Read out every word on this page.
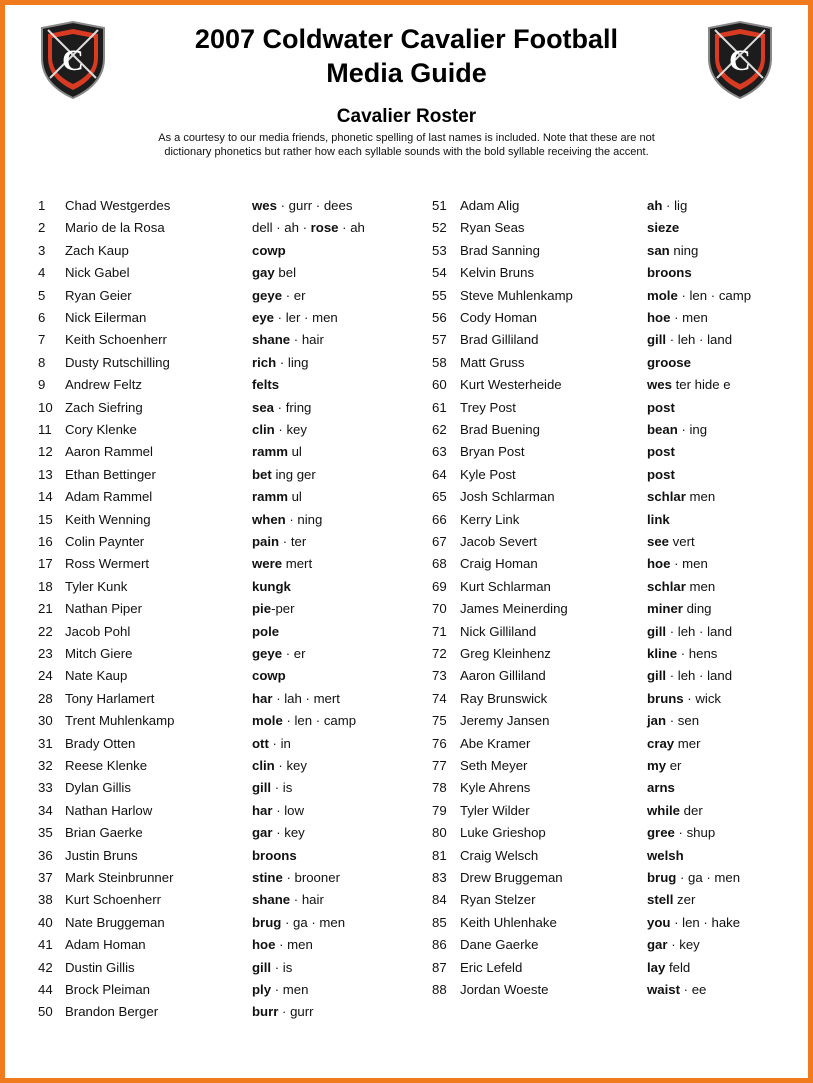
C	C
2007 Coldwater Cavalier Football
Media Guide
Cavalier Roster
As a courtesy to our media friends, phonetic spelling of last names is included. Note that these are not
dictionary phonetics but rather how each syllable sounds with the bold syllable receiving the accent.
1 Chad Westgerdes	wes · gurr · dees
2 Mario de la Rosa	dell · ah · rose · ah
3 Zach Kaup	cowp
4 Nick Gabel	gay bel
5 Ryan Geier	geye · er
6 Nick Eilerman	eye · ler · men
7 Keith Schoenherr	shane · hair
8 Dusty Rutschilling	rich · ling
9 Andrew Feltz	felts
10 Zach Siefring	sea · fring
11 Cory Klenke	clin · key
12 Aaron Rammel	ramm ul
13 Ethan Bettinger	bet ing ger
14 Adam Rammel	ramm ul
15 Keith Wenning	when · ning
16 Colin Paynter	pain · ter
17 Ross Wermert	were mert
18 Tyler Kunk	kungk
21 Nathan Piper	pie-per
22 Jacob Pohl	pole
23 Mitch Giere	geye · er
24 Nate Kaup	cowp
28 Tony Harlamert	har · lah · mert
30 Trent Muhlenkamp	mole · len · camp
31 Brady Otten	ott · in
32 Reese Klenke	clin · key
33 Dylan Gillis	gill · is
34 Nathan Harlow	har · low
35 Brian Gaerke	gar · key
36 Justin Bruns	broons
37 Mark Steinbrunner	stine · brooner
38 Kurt Schoenherr	shane · hair
40 Nate Bruggeman	brug · ga · men
41 Adam Homan	hoe · men
42 Dustin Gillis	gill · is
44 Brock Pleiman	ply · men
50 Brandon Berger	burr · gurr
51 Adam Alig	ah · lig
52 Ryan Seas	sieze
53 Brad Sanning	san ning
54 Kelvin Bruns	broons
55 Steve Muhlenkamp	mole · len · camp
56 Cody Homan	hoe · men
57 Brad Gilliland	gill · leh · land
58 Matt Gruss	groose
60 Kurt Westerheide	wes ter hide e
61 Trey Post	post
62 Brad Buening	bean · ing
63 Bryan Post	post
64 Kyle Post	post
65 Josh Schlarman	schlar men
66 Kerry Link	link
67 Jacob Severt	see vert
68 Craig Homan	hoe · men
69 Kurt Schlarman	schlar men
70 James Meinerding	miner ding
71 Nick Gilliland	gill · leh · land
72 Greg Kleinhenz	kline · hens
73 Aaron Gilliland	gill · leh · land
74 Ray Brunswick	bruns · wick
75 Jeremy Jansen	jan · sen
76 Abe Kramer	cray mer
77 Seth Meyer	my er
78 Kyle Ahrens	arns
79 Tyler Wilder	while der
80 Luke Grieshop	gree · shup
81 Craig Welsch	welsh
83 Drew Bruggeman	brug · ga · men
84 Ryan Stelzer	stell zer
85 Keith Uhlenhake	you · len · hake
86 Dane Gaerke	gar · key
87 Eric Lefeld	lay feld
88 Jordan Woeste	waist · ee
